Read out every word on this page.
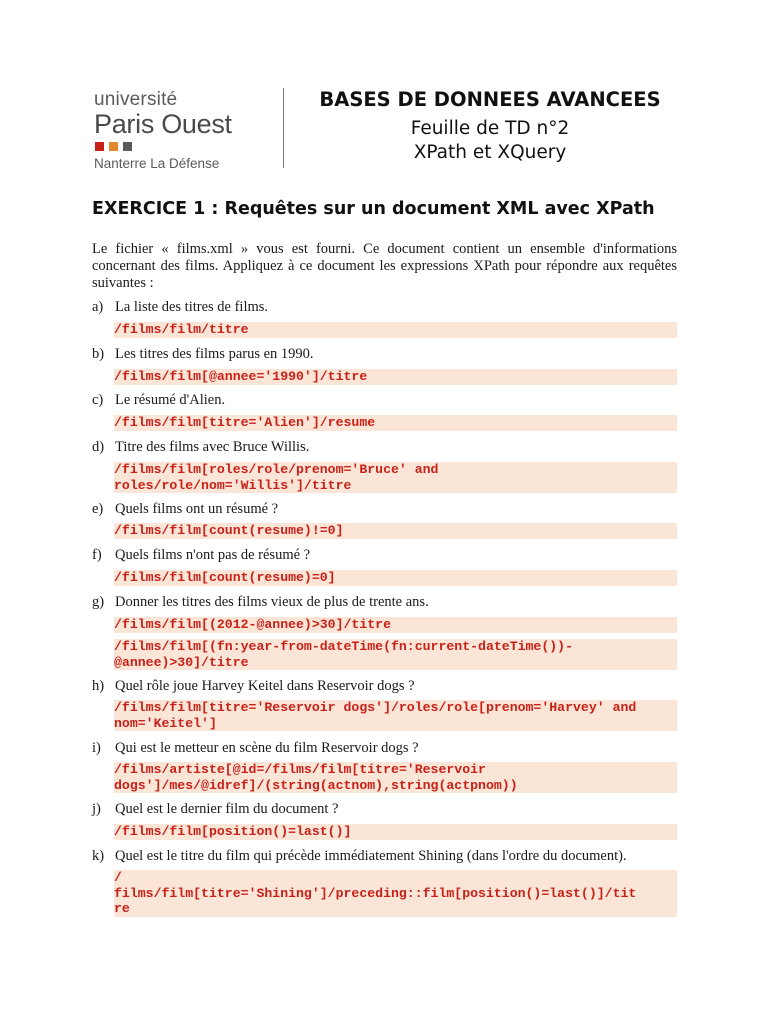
université
Paris Ouest
Nanterre La Défense
BASES DE DONNEES AVANCEES
Feuille de TD n°2
XPath et XQuery
EXERCICE 1 : Requêtes sur un document XML avec XPath
Le fichier « films.xml » vous est fourni. Ce document contient un ensemble d'informations concernant des films. Appliquez à ce document les expressions XPath pour répondre aux requêtes suivantes :
a) La liste des titres de films.
/films/film/titre
b) Les titres des films parus en 1990.
/films/film[@annee='1990']/titre
c) Le résumé d'Alien.
/films/film[titre='Alien']/resume
d) Titre des films avec Bruce Willis.
/films/film[roles/role/prenom='Bruce' and
roles/role/nom='Willis']/titre
e) Quels films ont un résumé ?
/films/film[count(resume)!=0]
f) Quels films n'ont pas de résumé ?
/films/film[count(resume)=0]
g) Donner les titres des films vieux de plus de trente ans.
/films/film[(2012-@annee)>30]/titre
/films/film[(fn:year-from-dateTime(fn:current-dateTime())-
@annee)>30]/titre
h) Quel rôle joue Harvey Keitel dans Reservoir dogs ?
/films/film[titre='Reservoir dogs']/roles/role[prenom='Harvey' and
nom='Keitel']
i) Qui est le metteur en scène du film Reservoir dogs ?
/films/artiste[@id=/films/film[titre='Reservoir
dogs']/mes/@idref]/(string(actnom),string(actpnom))
j) Quel est le dernier film du document ?
/films/film[position()=last()]
k) Quel est le titre du film qui précède immédiatement Shining (dans l'ordre du document).
/
films/film[titre='Shining']/preceding::film[position()=last()]/tit
re
